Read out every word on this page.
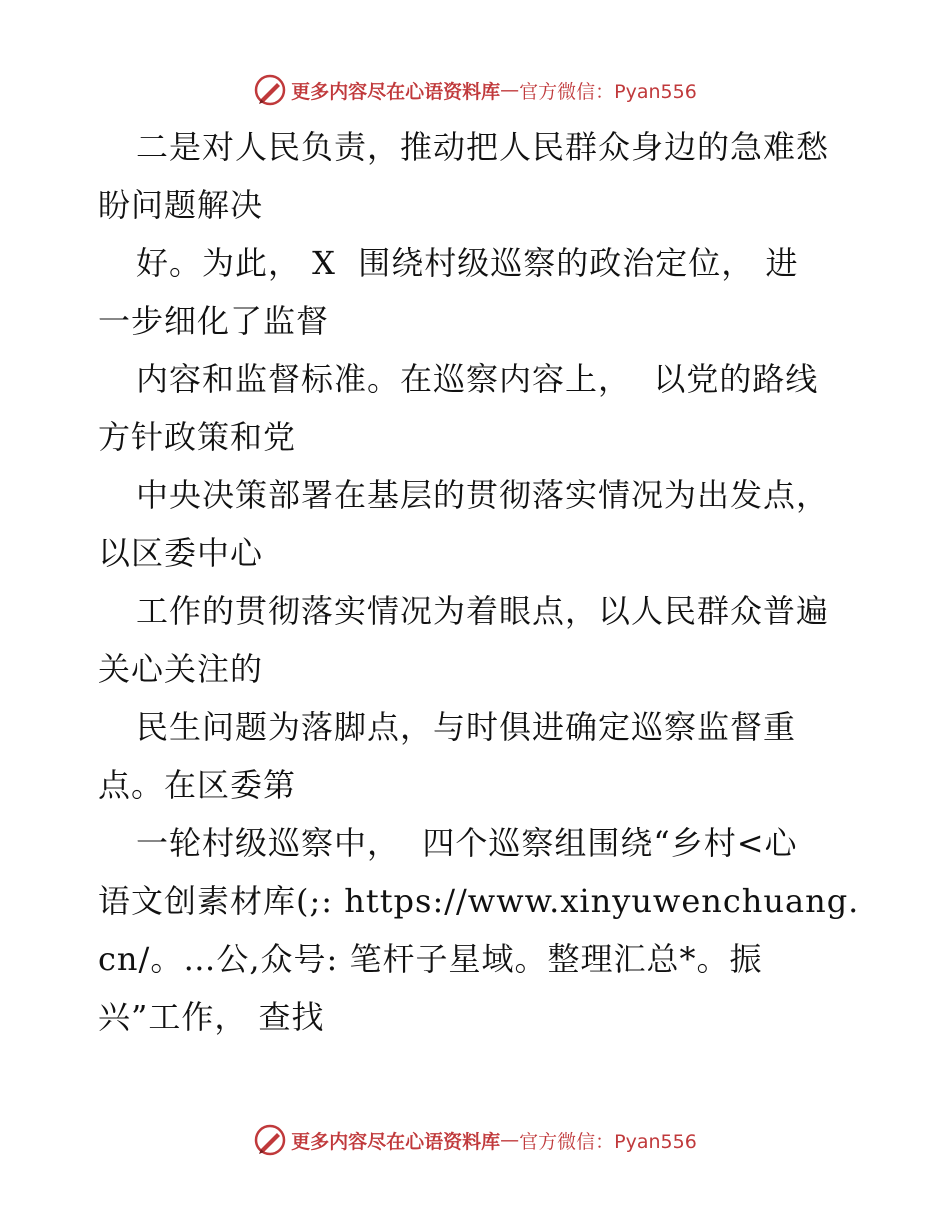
更多内容尽在心语资料库 — 官方微信：Pyan556
二是对人民负责，推动把人民群众身边的急难愁
盼问题解决
好。为此， X  围绕村级巡察的政治定位， 进
一步细化了监督
内容和监督标准。在巡察内容上，  以党的路线
方针政策和党
中央决策部署在基层的贯彻落实情况为出发点，
以区委中心
工作的贯彻落实情况为着眼点，以人民群众普遍
关心关注的
民生问题为落脚点，与时俱进确定巡察监督重
点。在区委第
一轮村级巡察中，  四个巡察组围绕“乡村<心
语文创素材库(;: https://www.xinyuwenchuang.
cn/。…公,众号: 笔杆子星域。整理汇总*。振
兴”工作， 查找
更多内容尽在心语资料库 — 官方微信：Pyan556
